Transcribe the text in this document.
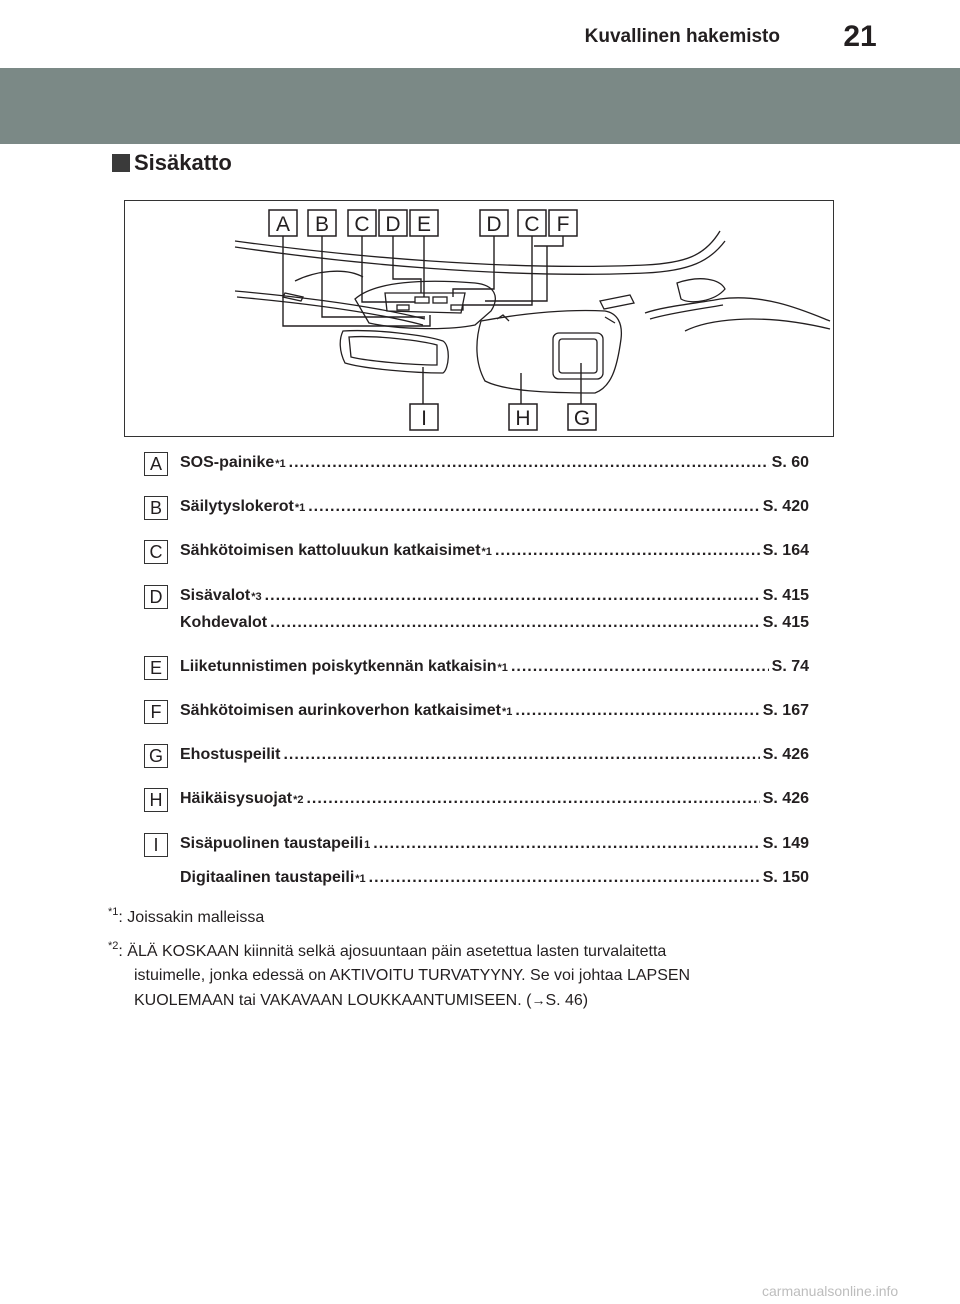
Kuvallinen hakemisto	21
Sisäkatto
A B C D E	D C F
I	H G
A	SOS-painike *1 .....	S. 60
B	Säilytyslokerot *1 .....	S. 420
C	Sähkötoimisen kattoluukun katkaisimet *1 .....	S. 164
D	Sisävalot *3 .....	S. 415
Kohdevalot .....	S. 415
E	Liiketunnistimen poiskytkennän katkaisin *1 .....	S. 74
F	Sähkötoimisen aurinkoverhon katkaisimet *1 .....	S. 167
G	Ehostuspeilit .....	S. 426
H	Häikäisysuojat *2 .....	S. 426
I	Sisäpuolinen taustapeili 1 .....	S. 149
Digitaalinen taustapeili *1 .....	S. 150
$^{*1}$: Joissakin malleissa
$^{*2}$: ÄLÄ KOSKAAN kiinnitä selkä ajosuuntaan päin asetettua lasten turvalaitetta
istuimelle, jonka edessä on AKTIVOITU TURVATYYNY. Se voi johtaa LAPSEN
KUOLEMAAN tai VAKAVAAN LOUKKAANTUMISEEN. (→S. 46)
carmanualsonline.info
